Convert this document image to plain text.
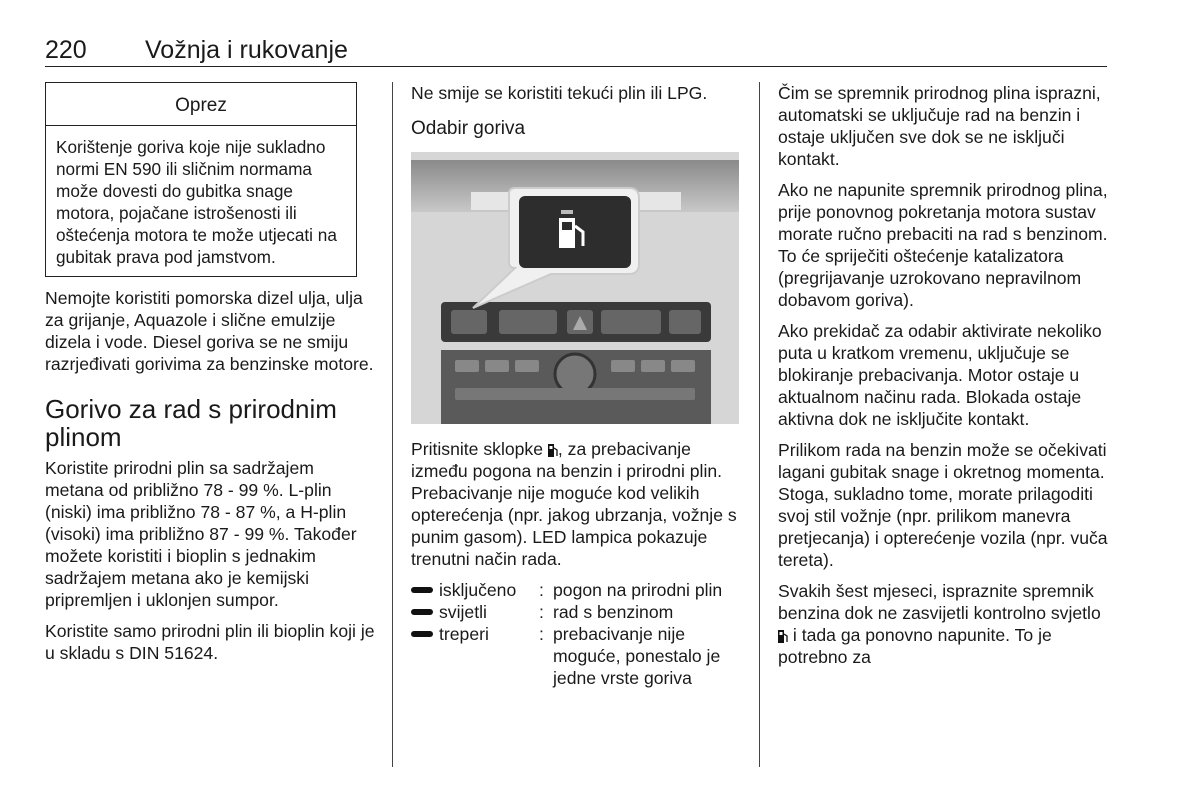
220 Vožnja i rukovanje
Oprez
Korištenje goriva koje nije sukladno normi EN 590 ili sličnim normama može dovesti do gubitka snage motora, pojačane istrošenosti ili oštećenja motora te može utjecati na gubitak prava pod jamstvom.

Nemojte koristiti pomorska dizel ulja, ulja za grijanje, Aquazole i slične emulzije dizela i vode. Diesel goriva se ne smiju razrjeđivati gorivima za benzinske motore.

Gorivo za rad s prirodnim plinom

Koristite prirodni plin sa sadržajem metana od približno 78 - 99 %. L-plin (niski) ima približno 78 - 87 %, a H-plin (visoki) ima približno 87 - 99 %. Također možete koristiti i bioplin s jednakim sadržajem metana ako je kemijski pripremljen i uklonjen sumpor.

Koristite samo prirodni plin ili bioplin koji je u skladu s DIN 51624.

Ne smije se koristiti tekući plin ili LPG.

Odabir goriva

Pritisnite sklopke , za prebacivanje između pogona na benzin i prirodni plin. Prebacivanje nije moguće kod velikih opterećenja (npr. jakog ubrzanja, vožnje s punim gasom). LED lampica pokazuje trenutni način rada.

isključeno	:	pogon na prirodni plin
svijetli	:	rad s benzinom
treperi	:	prebacivanje nije moguće, ponestalo je jedne vrste goriva

Čim se spremnik prirodnog plina isprazni, automatski se uključuje rad na benzin i ostaje uključen sve dok se ne isključi kontakt.

Ako ne napunite spremnik prirodnog plina, prije ponovnog pokretanja motora sustav morate ručno prebaciti na rad s benzinom. To će spriječiti oštećenje katalizatora (pregrijavanje uzrokovano nepravilnom dobavom goriva).

Ako prekidač za odabir aktivirate nekoliko puta u kratkom vremenu, uključuje se blokiranje prebacivanja. Motor ostaje u aktualnom načinu rada. Blokada ostaje aktivna dok ne isključite kontakt.

Prilikom rada na benzin može se očekivati lagani gubitak snage i okretnog momenta. Stoga, sukladno tome, morate prilagoditi svoj stil vožnje (npr. prilikom manevra pretjecanja) i opterećenje vozila (npr. vuča tereta).

Svakih šest mjeseci, ispraznite spremnik benzina dok ne zasvijetli kontrolno svjetlo  i tada ga ponovno napunite. To je potrebno za
